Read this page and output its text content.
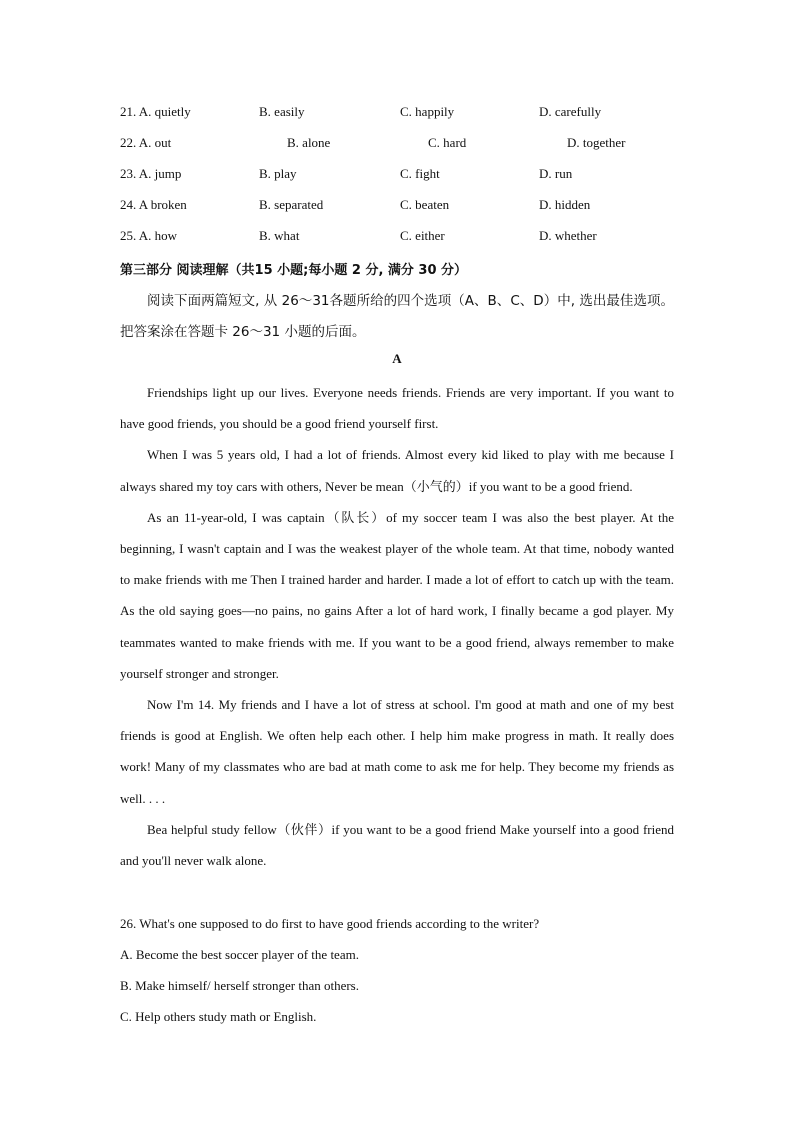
21. A. quietly	B. easily	C. happily	D. carefully
22. A. out	B. alone	C. hard	D. together
23. A. jump	B. play	C. fight	D. run
24. A broken	B. separated	C. beaten	D. hidden
25. A. how	B. what	C. either	D. whether
第三部分 阅读理解（共15 小题;每小题 2 分, 满分 30 分）
阅读下面两篇短文, 从 26～31各题所给的四个选项（A、B、C、D）中, 选出最佳选项。把答案涂在答题卡 26～31 小题的后面。
A

Friendships light up our lives. Everyone needs friends. Friends are very important. If you want to have good friends, you should be a good friend yourself first.

When I was 5 years old, I had a lot of friends. Almost every kid liked to play with me because I always shared my toy cars with others, Never be mean（小气的）if you want to be a good friend.

As an 11-year-old, I was captain（队长）of my soccer team I was also the best player. At the beginning, I wasn't captain and I was the weakest player of the whole team. At that time, nobody wanted to make friends with me Then I trained harder and harder. I made a lot of effort to catch up with the team. As the old saying goes—no pains, no gains After a lot of hard work, I finally became a god player. My teammates wanted to make friends with me. If you want to be a good friend, always remember to make yourself stronger and stronger.

Now I'm 14. My friends and I have a lot of stress at school. I'm good at math and one of my best friends is good at English. We often help each other. I help him make progress in math. It really does work! Many of my classmates who are bad at math come to ask me for help. They become my friends as well. . . .

Bea helpful study fellow（伙伴）if you want to be a good friend Make yourself into a good friend and you'll never walk alone.

26. What's one supposed to do first to have good friends according to the writer?
A. Become the best soccer player of the team.
B. Make himself/ herself stronger than others.
C. Help others study math or English.
